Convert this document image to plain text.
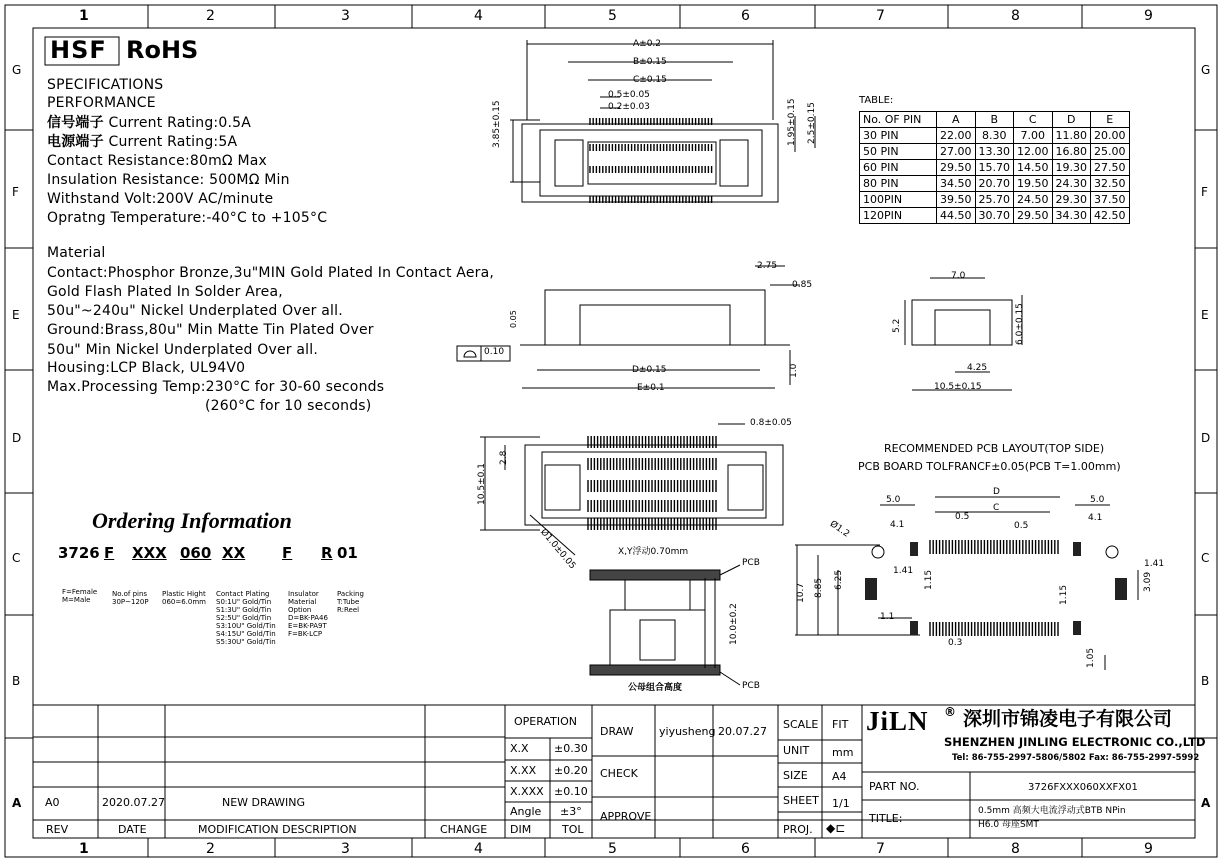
1
1
2
2
3
3
4
4
5
5
6
6
7
7
8
8
9
9
G	G
F	F
E	E
D	D
C	C
B	B
A	A
HSF RoHS
SPECIFICATIONS
PERFORMANCE
信号端子 Current Rating:0.5A
电源端子 Current Rating:5A
Contact Resistance:80mΩ Max
Insulation Resistance: 500MΩ Min
Withstand Volt:200V AC/minute
Opratng Temperature:-40°C to +105°C
Material
Contact:Phosphor Bronze,3u"MIN Gold Plated In Contact Aera,
Gold Flash Plated In Solder Area,
50u"~240u" Nickel Underplated Over all.
Ground:Brass,80u" Min Matte Tin Plated Over
50u" Min Nickel Underplated Over all.
Housing:LCP Black, UL94V0
Max.Processing Temp:230°C for 30-60 seconds
(260°C for 10 seconds)
Ordering Information
3726 F XXX 060 XX F R 01
F=Female
M=Male
No.of pins
30P~120P
Plastic Hight
060=6.0mm
Contact Plating
S0:1U" Gold/Tin
S1:3U" Gold/Tin
S2:5U" Gold/Tin
S3:10U" Gold/Tin
S4:15U" Gold/Tin
S5:30U" Gold/Tin
Insulator
Material
Option
D=BK-PA46
E=BK-PA9T
F=BK-LCP
Packing
T:Tube
R:Reel
TABLE:
No. OF PIN	A	B	C	D	E
30 PIN	22.00	8.30	7.00	11.80	20.00
50 PIN	27.00	13.30	12.00	16.80	25.00
60 PIN	29.50	15.70	14.50	19.30	27.50
80 PIN	34.50	20.70	19.50	24.30	32.50
100PIN	39.50	25.70	24.50	29.30	37.50
120PIN	44.50	30.70	29.50	34.30	42.50
A±0.2
B±0.15
C±0.15
0.5±0.05
0.2±0.03
3.85±0.15	1.95±0.15 2.5±0.15
2.75
0.85
0.05
0.10
D±0.15
E±0.1
1.0
7.0
5.2	6.0±0.15
4.25
10.5±0.15
0.8±0.05
10.5±0.1
2.8
Ø1.0±0.05	X,Y浮动0.70mm
PCB
PCB
10.0±0.2
公母组合高度
RECOMMENDED PCB LAYOUT(TOP SIDE)
PCB BOARD TOLFRANCF±0.05(PCB T=1.00mm)
5.0	5.0
4.1
4.1
D
C
0.5
0.5
Ø1.2
1.41
1.41
1.15
1.15
10.7 8.85 6.25	3.09
1.1
0.3
1.05
A0	2020.07.27	NEW DRAWING
REV	DATE	MODIFICATION DESCRIPTION	CHANGE
OPERATION
X.X ±0.30
X.XX ±0.20
X.XXX ±0.10
Angle ±3°
DIM	TOL
DRAW yiyusheng 20.07.27
CHECK
APPROVE
SCALE FIT
UNIT mm
SIZE A4
SHEET 1/1
PROJ. ◆⊏
JiLN ® 深圳市锦凌电子有限公司
SHENZHEN JINLING ELECTRONIC CO.,LTD
Tel: 86-755-2997-5806/5802 Fax: 86-755-2997-5992
PART NO.	3726FXXX060XXFX01
TITLE:
0.5mm 高频大电流浮动式BTB NPin
H6.0 母座SMT
